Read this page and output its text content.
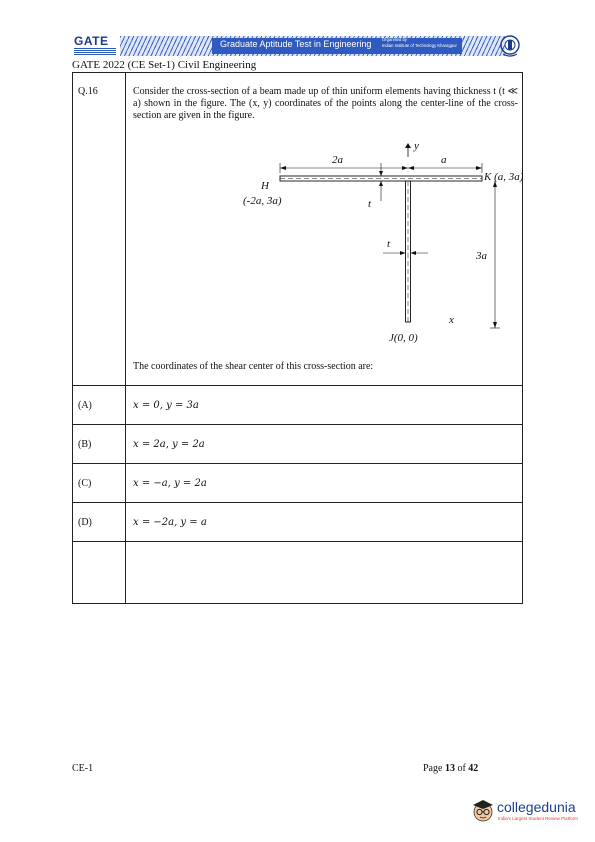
GATE	Graduate Aptitude Test in Engineering	Organised by
Indian Institute of Technology Kharagpur
GATE 2022 (CE Set-1) Civil Engineering
Q.16	Consider the cross-section of a beam made up of thin uniform elements having thickness t (t ≪ a) shown in the figure. The (x, y) coordinates of the points along the center-line of the cross-section are given in the figure.
y
2a	a
t
t
3a
H
(-2a, 3a)
K (a, 3a)
x
J(0, 0)
The coordinates of the shear center of this cross-section are:
(A)	x = 0, y = 3a
(B)	x = 2a, y = 2a
(C)	x = −a, y = 2a
(D)	x = −2a, y = a
CE-1	Page 13 of 42
collegedunia
India's Largest Student Review Platform
